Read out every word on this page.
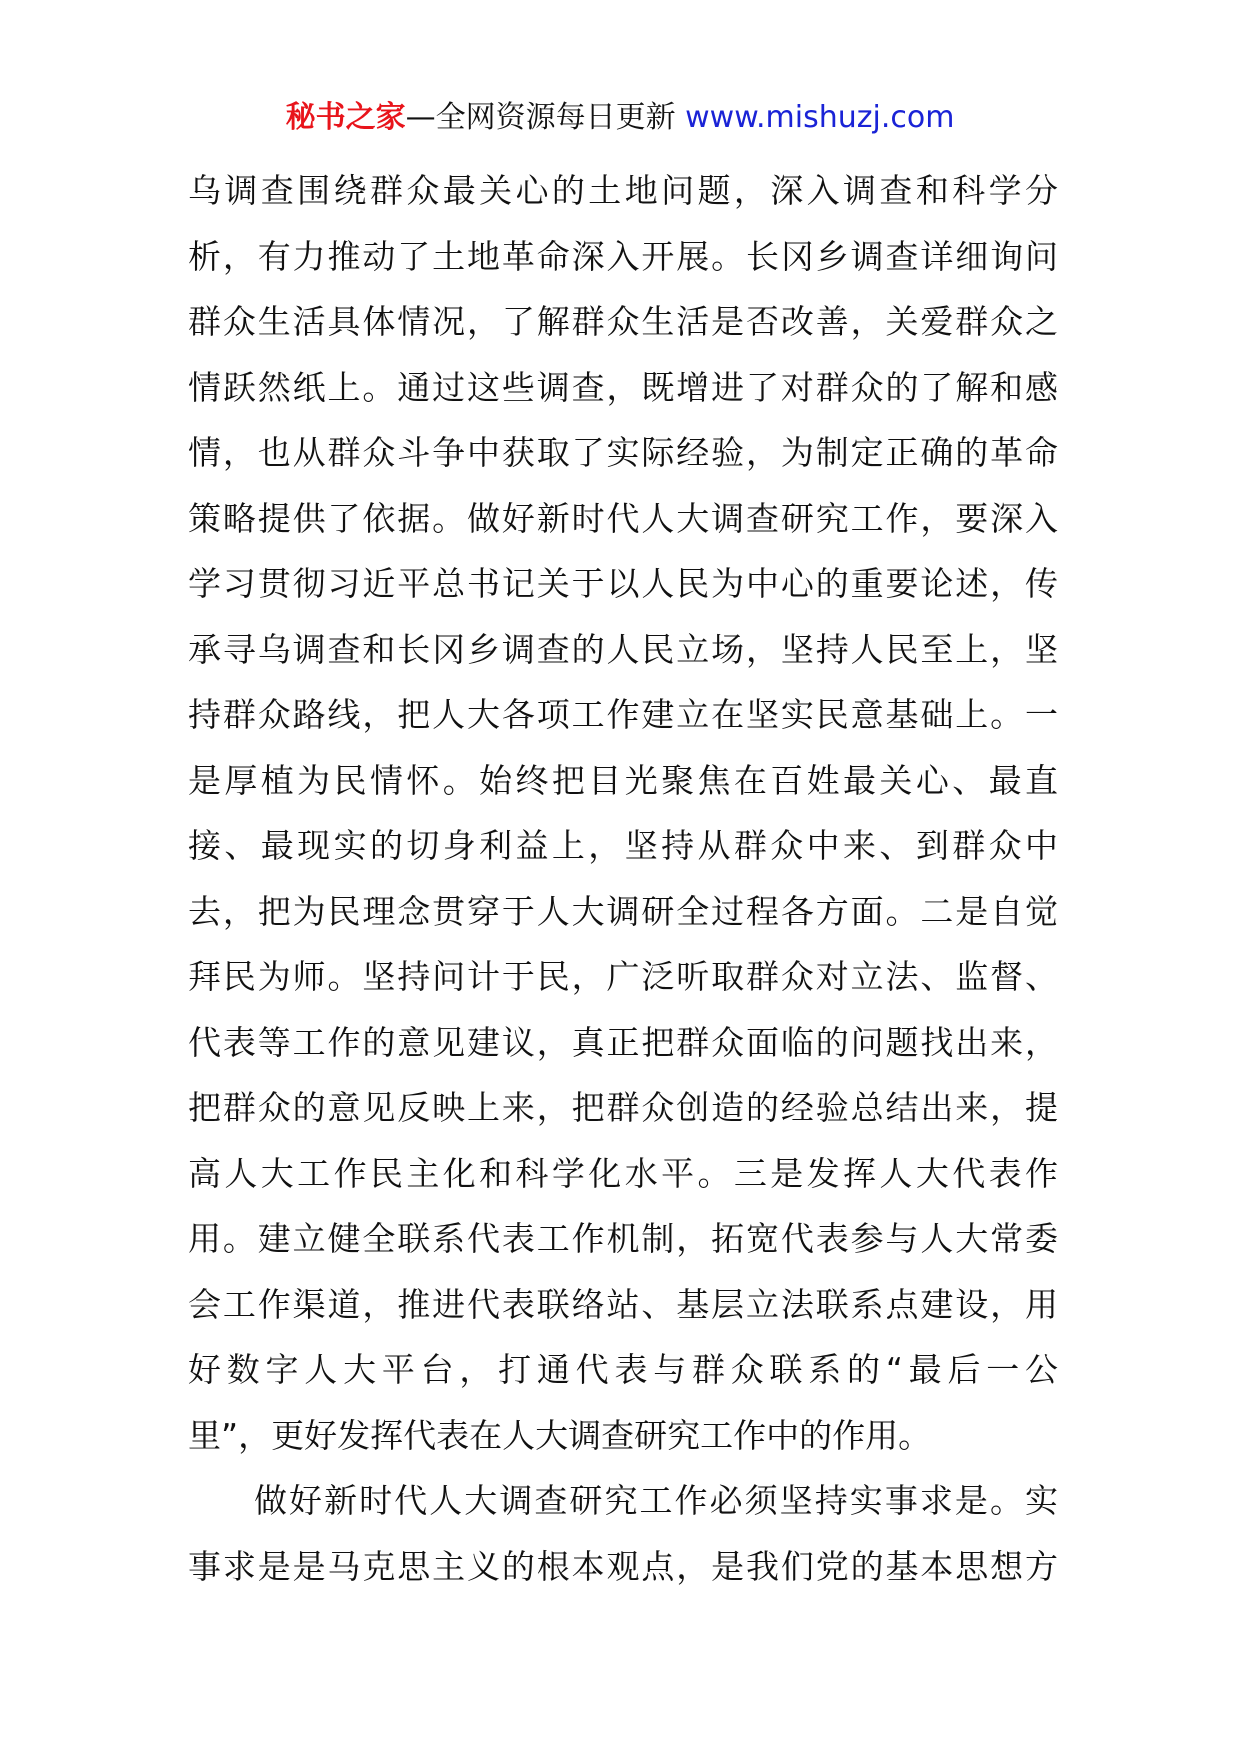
秘书之家—全网资源每日更新 www.mishuzj.com
乌调查围绕群众最关心的土地问题，深入调查和科学分
析，有力推动了土地革命深入开展。长冈乡调查详细询问
群众生活具体情况，了解群众生活是否改善，关爱群众之
情跃然纸上。通过这些调查，既增进了对群众的了解和感
情，也从群众斗争中获取了实际经验，为制定正确的革命
策略提供了依据。做好新时代人大调查研究工作，要深入
学习贯彻习近平总书记关于以人民为中心的重要论述，传
承寻乌调查和长冈乡调查的人民立场，坚持人民至上，坚
持群众路线，把人大各项工作建立在坚实民意基础上。一
是厚植为民情怀。始终把目光聚焦在百姓最关心、最直
接、最现实的切身利益上，坚持从群众中来、到群众中
去，把为民理念贯穿于人大调研全过程各方面。二是自觉
拜民为师。坚持问计于民，广泛听取群众对立法、监督、
代表等工作的意见建议，真正把群众面临的问题找出来，
把群众的意见反映上来，把群众创造的经验总结出来，提
高人大工作民主化和科学化水平。三是发挥人大代表作
用。建立健全联系代表工作机制，拓宽代表参与人大常委
会工作渠道，推进代表联络站、基层立法联系点建设，用
好数字人大平台，打通代表与群众联系的“最后一公
里”，更好发挥代表在人大调查研究工作中的作用。
做好新时代人大调查研究工作必须坚持实事求是。实
事求是是马克思主义的根本观点，是我们党的基本思想方
